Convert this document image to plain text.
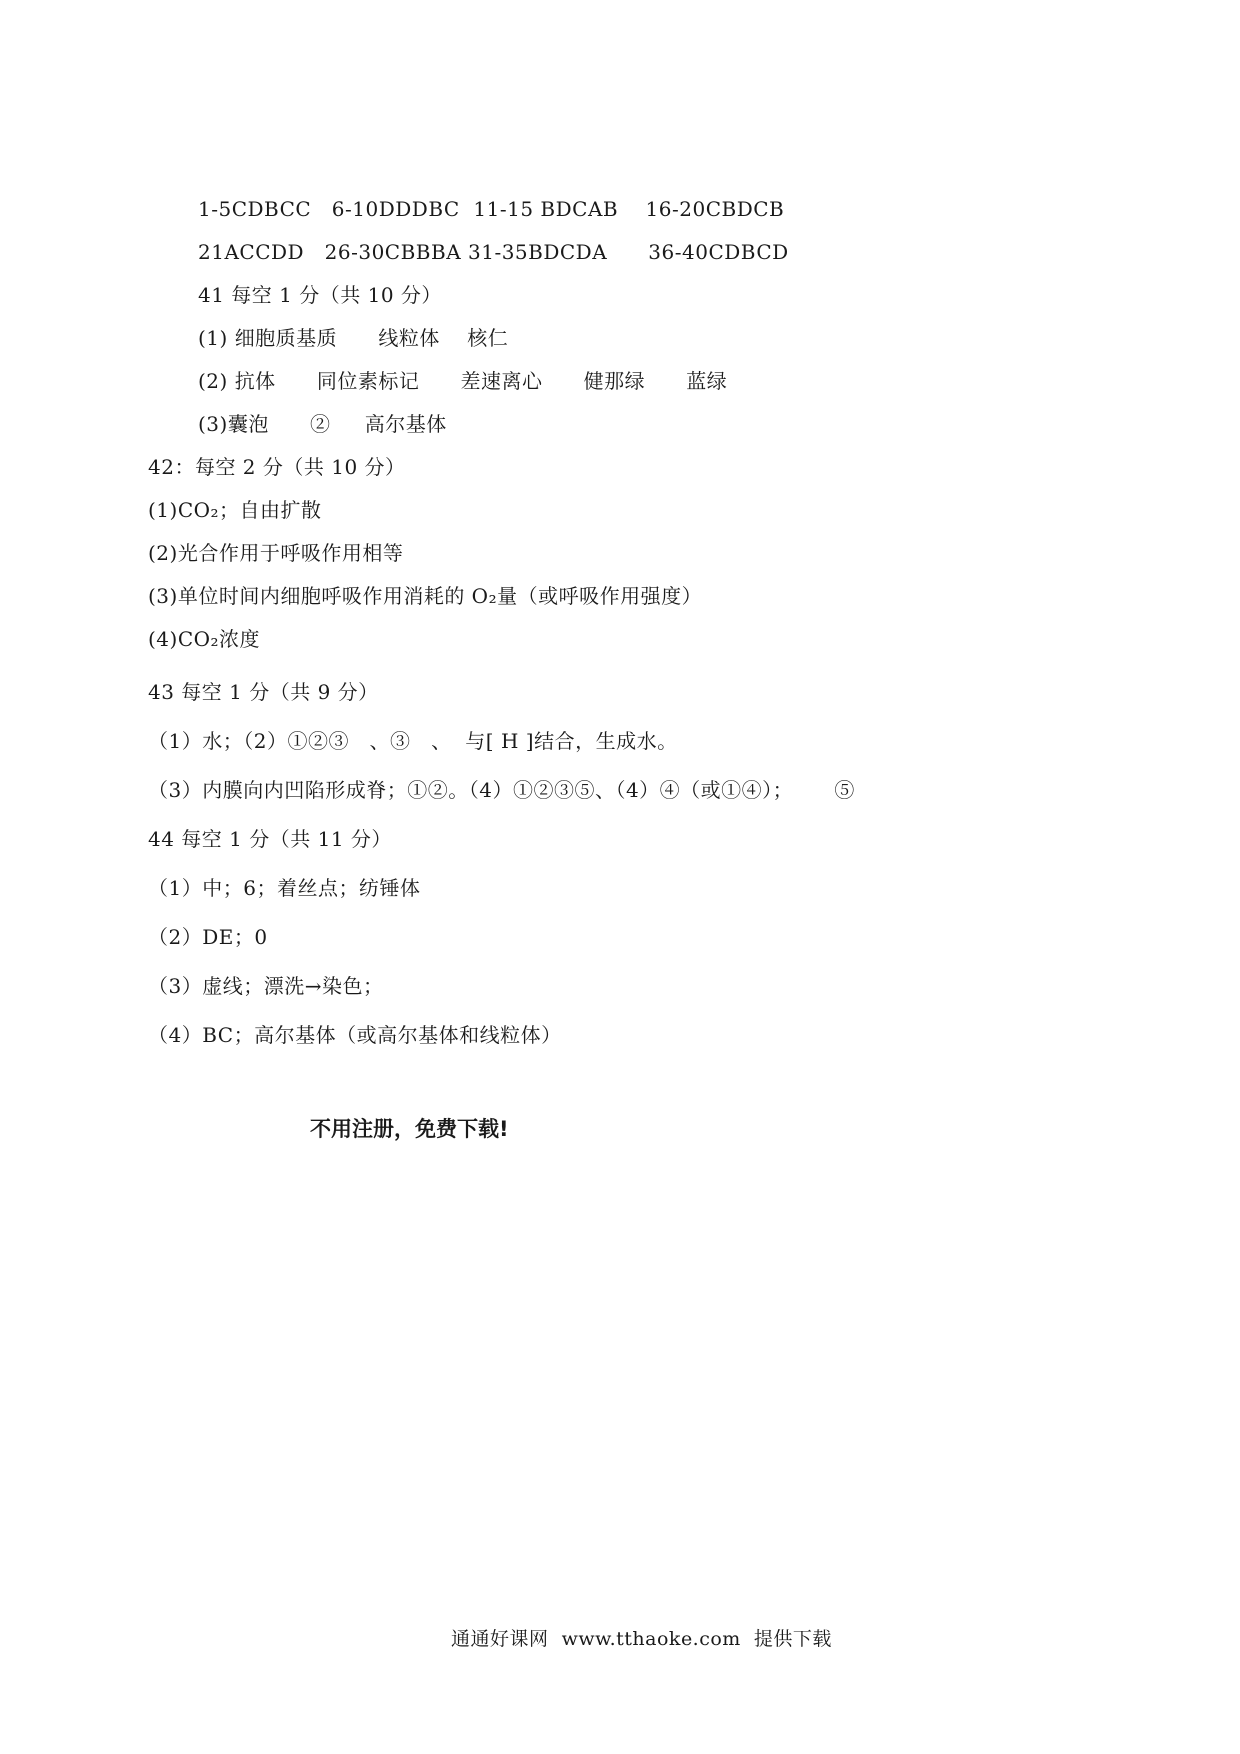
1-5CDBCC   6-10DDDBC  11-15 BDCAB    16-20CBDCB
21ACCDD   26-30CBBBA 31-35BDCDA      36-40CDBCD
41 每空 1 分（共 10 分）
(1) 细胞质基质      线粒体    核仁
(2) 抗体      同位素标记      差速离心      健那绿      蓝绿
(3)囊泡      ②     高尔基体
42：每空 2 分（共 10 分）
(1)CO₂；自由扩散
(2)光合作用于呼吸作用相等
(3)单位时间内细胞呼吸作用消耗的 O₂量（或呼吸作用强度）
(4)CO₂浓度
43 每空 1 分（共 9 分）
（1）水；（2）①②③   、③   、  与[ H ]结合，生成水。
（3）内膜向内凹陷形成脊；①②。（4）①②③⑤、（4）④（或①④）；      ⑤
44 每空 1 分（共 11 分）
（1）中；6；着丝点；纺锤体
（2）DE；0
（3）虚线；漂洗→染色；
（4）BC；高尔基体（或高尔基体和线粒体）
不用注册，免费下载!
通通好课网  www.tthaoke.com  提供下载
